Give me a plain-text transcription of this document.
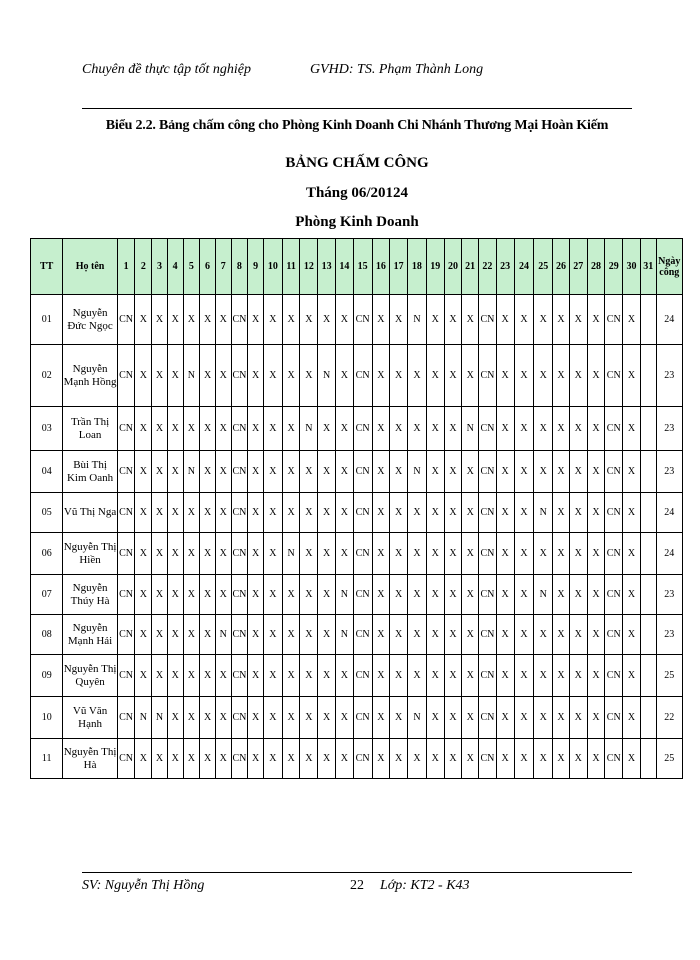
Chuyên đề thực tập tốt nghiệp	GVHD: TS. Phạm Thành Long
Biểu 2.2. Bảng chấm công cho Phòng Kinh Doanh Chi Nhánh Thương Mại Hoàn Kiếm
BẢNG CHẤM CÔNG
Tháng 06/20124
Phòng Kinh Doanh
TT	Họ tên	1	2	3	4	5	6	7	8	9	10	11	12	13	14	15	16	17	18	19	20	21	22	23	24	25	26	27	28	29	30	31	Ngày công
01	Nguyễn Đức Ngọc	CN	X	X	X	X	X	X	CN	X	X	X	X	X	X	CN	X	X	N	X	X	X	CN	X	X	X	X	X	X	CN	X		24
02	Nguyễn Mạnh Hồng	CN	X	X	X	N	X	X	CN	X	X	X	X	N	X	CN	X	X	X	X	X	X	CN	X	X	X	X	X	X	CN	X		23
03	Trần Thị Loan	CN	X	X	X	X	X	X	CN	X	X	X	N	X	X	CN	X	X	X	X	X	N	CN	X	X	X	X	X	X	CN	X		23
04	Bùi Thị Kim Oanh	CN	X	X	X	N	X	X	CN	X	X	X	X	X	X	CN	X	X	N	X	X	X	CN	X	X	X	X	X	X	CN	X		23
05	Vũ Thị Nga	CN	X	X	X	X	X	X	CN	X	X	X	X	X	X	CN	X	X	X	X	X	X	CN	X	X	N	X	X	X	CN	X		24
06	Nguyễn Thị Hiền	CN	X	X	X	X	X	X	CN	X	X	N	X	X	X	CN	X	X	X	X	X	X	CN	X	X	X	X	X	X	CN	X		24
07	Nguyễn Thúy Hà	CN	X	X	X	X	X	X	CN	X	X	X	X	X	N	CN	X	X	X	X	X	X	CN	X	X	N	X	X	X	CN	X		23
08	Nguyễn Mạnh Hải	CN	X	X	X	X	X	N	CN	X	X	X	X	X	N	CN	X	X	X	X	X	X	CN	X	X	X	X	X	X	CN	X		23
09	Nguyễn Thị Quyên	CN	X	X	X	X	X	X	CN	X	X	X	X	X	X	CN	X	X	X	X	X	X	CN	X	X	X	X	X	X	CN	X		25
10	Vũ Văn Hạnh	CN	N	N	X	X	X	X	CN	X	X	X	X	X	X	CN	X	X	N	X	X	X	CN	X	X	X	X	X	X	CN	X		22
11	Nguyễn Thị Hà	CN	X	X	X	X	X	X	CN	X	X	X	X	X	X	CN	X	X	X	X	X	X	CN	X	X	X	X	X	X	CN	X		25
SV: Nguyễn Thị Hồng	22 Lớp: KT2 - K43
